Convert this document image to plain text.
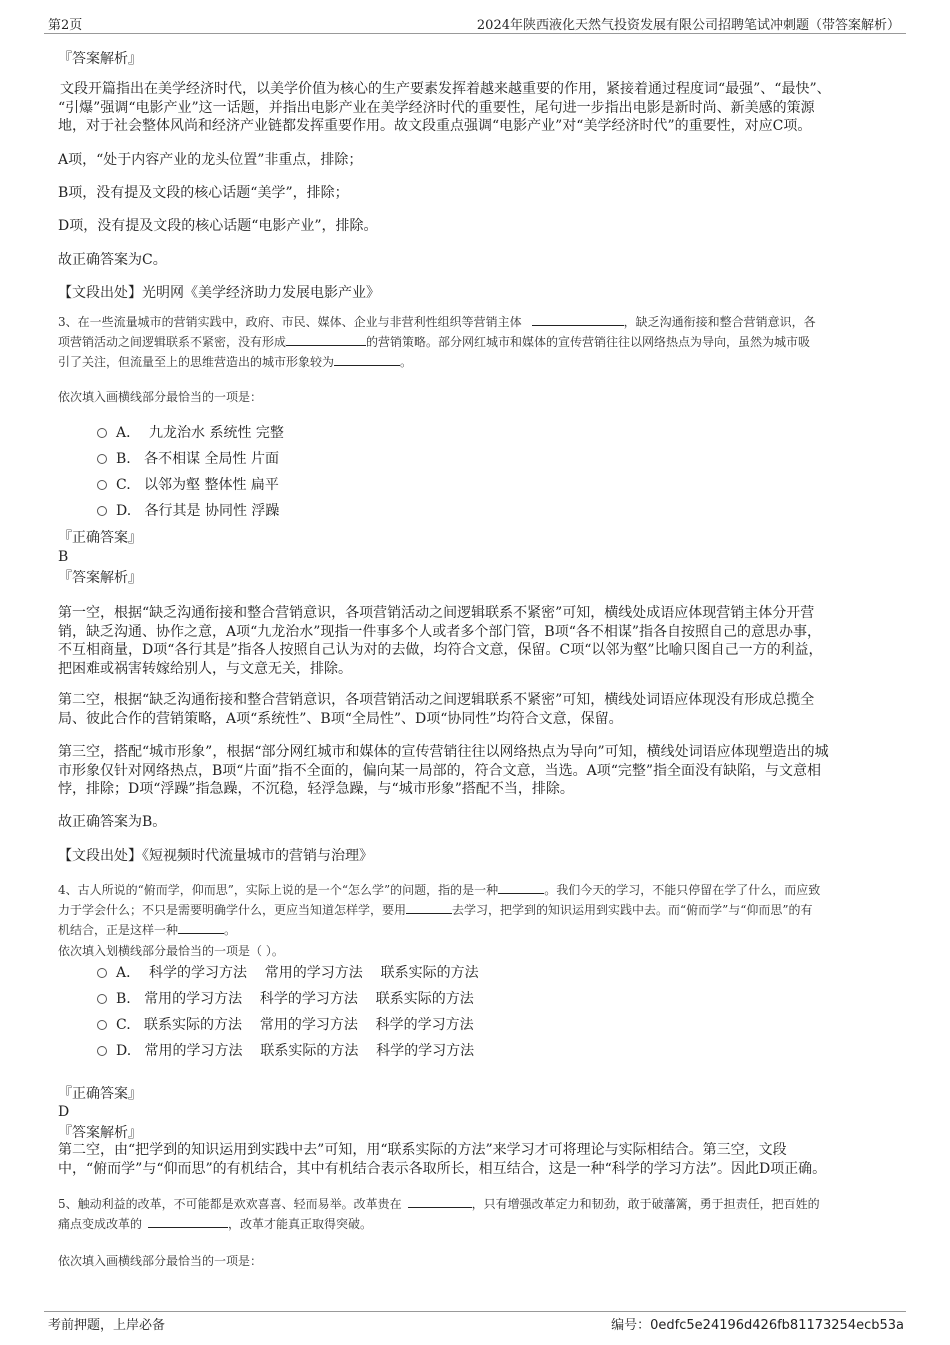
第2页	2024年陕西液化天然气投资发展有限公司招聘笔试冲刺题（带答案解析）
『答案解析』
文段开篇指出在美学经济时代，以美学价值为核心的生产要素发挥着越来越重要的作用，紧接着通过程度词“最强”、“最快”、
“引爆”强调“电影产业”这一话题，并指出电影产业在美学经济时代的重要性，尾句进一步指出电影是新时尚、新美感的策源
地，对于社会整体风尚和经济产业链都发挥重要作用。故文段重点强调“电影产业”对“美学经济时代”的重要性，对应C项。
A项，“处于内容产业的龙头位置”非重点，排除；
B项，没有提及文段的核心话题“美学”，排除；
D项，没有提及文段的核心话题“电影产业”，排除。
故正确答案为C。
【文段出处】光明网《美学经济助力发展电影产业》
3、在一些流量城市的营销实践中，政府、市民、媒体、企业与非营利性组织等营销主体	，缺乏沟通衔接和整合营销意识，各
项营销活动之间逻辑联系不紧密，没有形成	的营销策略。部分网红城市和媒体的宣传营销往往以网络热点为导向，虽然为城市吸
引了关注，但流量至上的思维营造出的城市形象较为	。
依次填入画横线部分最恰当的一项是：
A．  九龙治水 系统性 完整
B.   各不相谋 全局性 片面
C.   以邻为壑 整体性 扁平
D.   各行其是 协同性 浮躁
『正确答案』
B
『答案解析』
第一空，根据“缺乏沟通衔接和整合营销意识，各项营销活动之间逻辑联系不紧密”可知，横线处成语应体现营销主体分开营
销，缺乏沟通、协作之意，A项“九龙治水”现指一件事多个人或者多个部门管，B项“各不相谋”指各自按照自己的意思办事，
不互相商量，D项“各行其是”指各人按照自己认为对的去做，均符合文意，保留。C项“以邻为壑”比喻只图自己一方的利益，
把困难或祸害转嫁给别人，与文意无关，排除。
第二空，根据“缺乏沟通衔接和整合营销意识，各项营销活动之间逻辑联系不紧密”可知，横线处词语应体现没有形成总揽全
局、彼此合作的营销策略，A项“系统性”、B项“全局性”、D项“协同性”均符合文意，保留。
第三空，搭配“城市形象”，根据“部分网红城市和媒体的宣传营销往往以网络热点为导向”可知，横线处词语应体现塑造出的城
市形象仅针对网络热点，B项“片面”指不全面的，偏向某一局部的，符合文意，当选。A项“完整”指全面没有缺陷，与文意相
悖，排除；D项“浮躁”指急躁，不沉稳，轻浮急躁，与“城市形象”搭配不当，排除。
故正确答案为B。
【文段出处】《短视频时代流量城市的营销与治理》
4、古人所说的“俯而学，仰而思”，实际上说的是一个“怎么学”的问题，指的是一种	。我们今天的学习，不能只停留在学了什么，而应致
力于学会什么；不只是需要明确学什么，更应当知道怎样学，要用	去学习，把学到的知识运用到实践中去。而“俯而学”与“仰而思”的有
机结合，正是这样一种	。
依次填入划横线部分最恰当的一项是（ ）。
A．  科学的学习方法    常用的学习方法    联系实际的方法
B.   常用的学习方法    科学的学习方法    联系实际的方法
C.   联系实际的方法    常用的学习方法    科学的学习方法
D.   常用的学习方法    联系实际的方法    科学的学习方法
『正确答案』
D
『答案解析』
第二空，由“把学到的知识运用到实践中去”可知，用“联系实际的方法”来学习才可将理论与实际相结合。第三空，文段
中，“俯而学”与“仰而思”的有机结合，其中有机结合表示各取所长，相互结合，这是一种“科学的学习方法”。因此D项正确。
5、触动利益的改革，不可能都是欢欢喜喜、轻而易举。改革贵在	，只有增强改革定力和韧劲，敢于破藩篱，勇于担责任，把百姓的
痛点变成改革的	，改革才能真正取得突破。
依次填入画横线部分最恰当的一项是：
考前押题，上岸必备	编号：0edfc5e24196d426fb81173254ecb53a
